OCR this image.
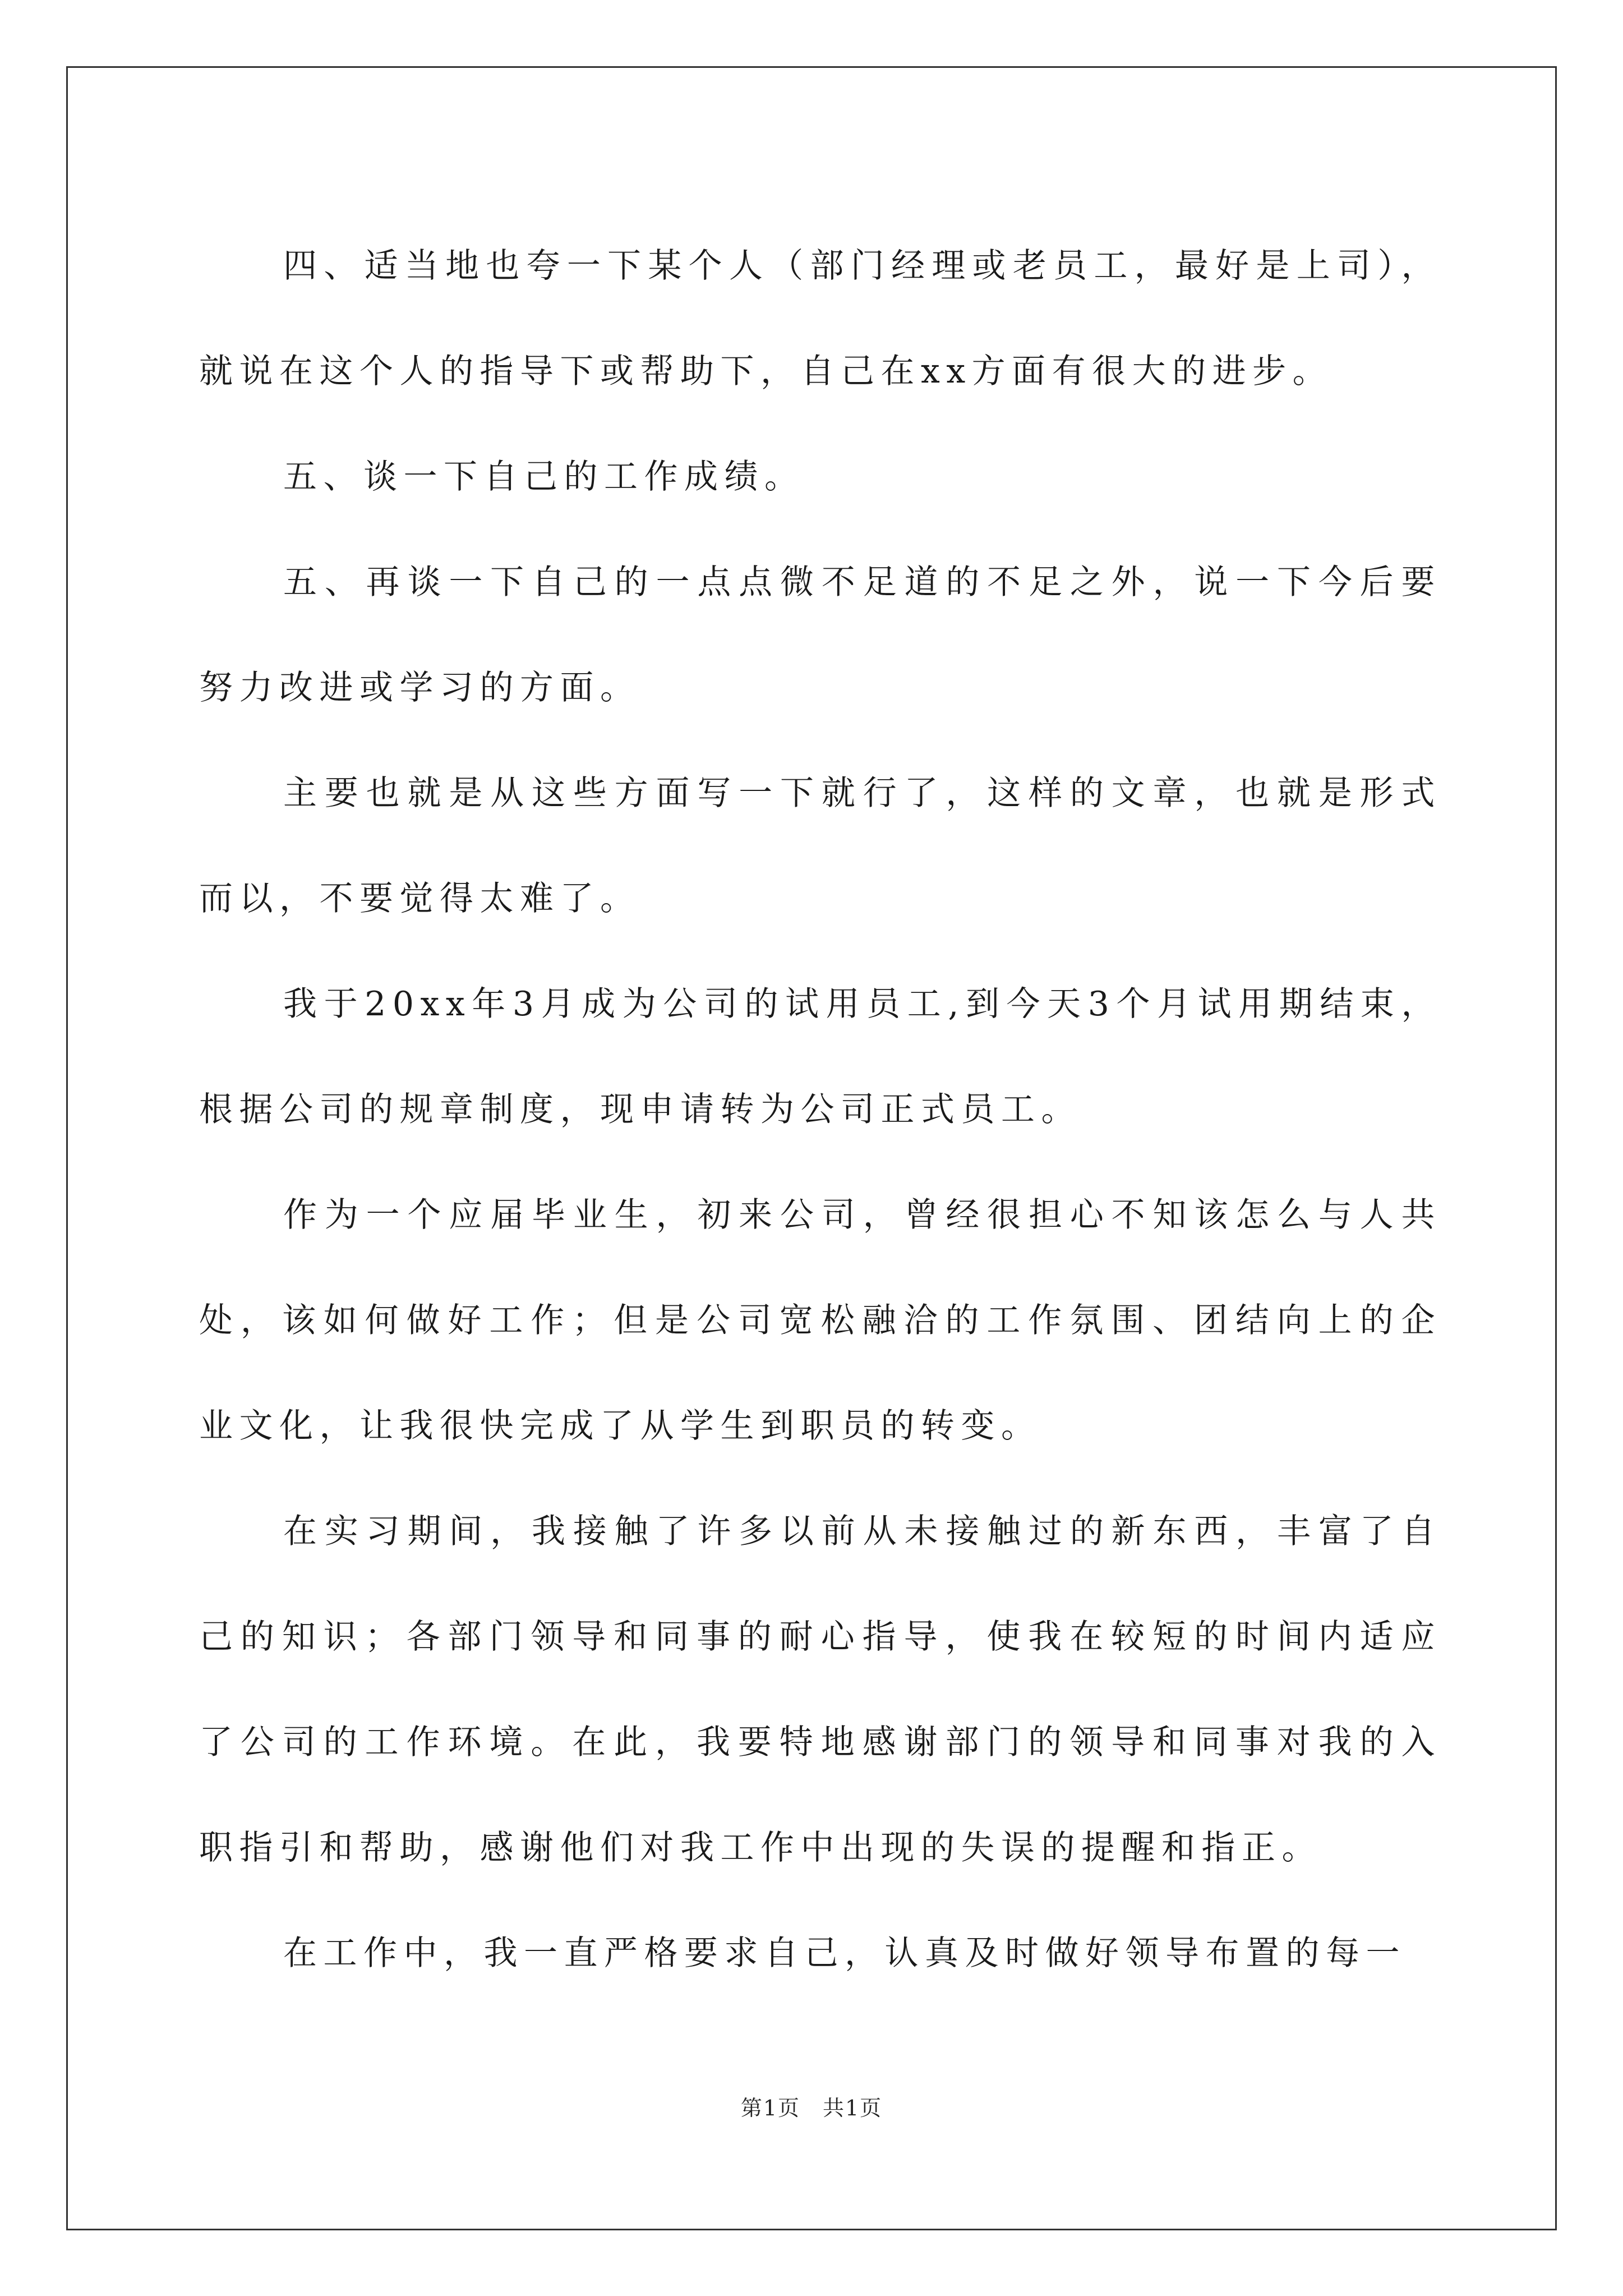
四、适当地也夸一下某个人（部门经理或老员工，最好是上司），就说在这个人的指导下或帮助下，自己在xx方面有很大的进步。

五、谈一下自己的工作成绩。

五、再谈一下自己的一点点微不足道的不足之外，说一下今后要努力改进或学习的方面。

主要也就是从这些方面写一下就行了，这样的文章，也就是形式而以，不要觉得太难了。

我于20xx年3月成为公司的试用员工,到今天3个月试用期结束，根据公司的规章制度，现申请转为公司正式员工。

作为一个应届毕业生，初来公司，曾经很担心不知该怎么与人共处，该如何做好工作；但是公司宽松融洽的工作氛围、团结向上的企业文化，让我很快完成了从学生到职员的转变。

在实习期间，我接触了许多以前从未接触过的新东西，丰富了自己的知识；各部门领导和同事的耐心指导，使我在较短的时间内适应了公司的工作环境。在此，我要特地感谢部门的领导和同事对我的入职指引和帮助，感谢他们对我工作中出现的失误的提醒和指正。

在工作中，我一直严格要求自己，认真及时做好领导布置的每一

第1页 共1页
